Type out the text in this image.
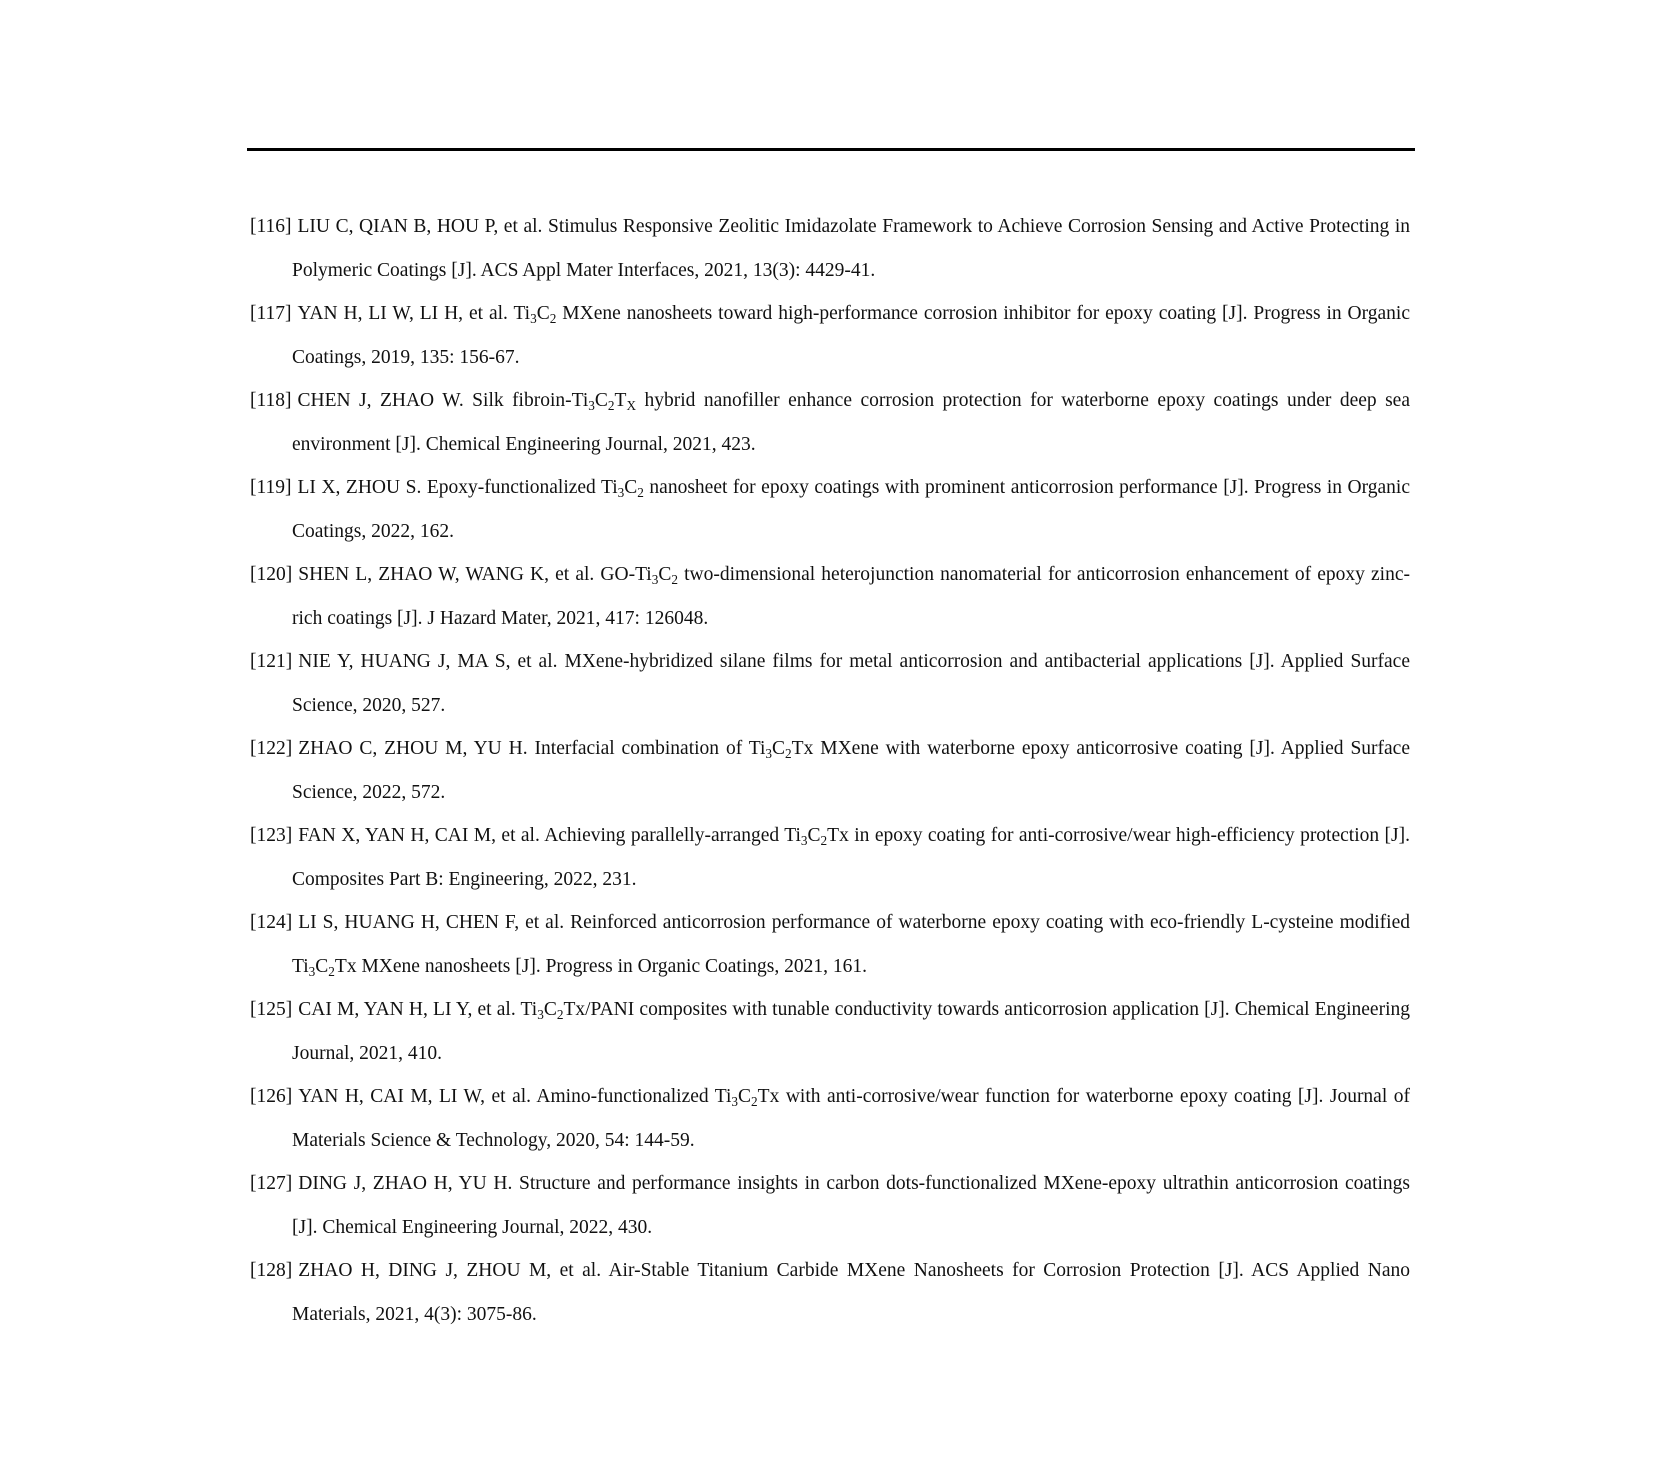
[116] LIU C, QIAN B, HOU P, et al. Stimulus Responsive Zeolitic Imidazolate Framework to Achieve Corrosion Sensing and Active Protecting in Polymeric Coatings [J]. ACS Appl Mater Interfaces, 2021, 13(3): 4429-41.
[117] YAN H, LI W, LI H, et al. $Ti_3C_2$ MXene nanosheets toward high-performance corrosion inhibitor for epoxy coating [J]. Progress in Organic Coatings, 2019, 135: 156-67.
[118] CHEN J, ZHAO W. Silk fibroin-$Ti_3C_2T_X$ hybrid nanofiller enhance corrosion protection for waterborne epoxy coatings under deep sea environment [J]. Chemical Engineering Journal, 2021, 423.
[119] LI X, ZHOU S. Epoxy-functionalized $Ti_3C_2$ nanosheet for epoxy coatings with prominent anticorrosion performance [J]. Progress in Organic Coatings, 2022, 162.
[120] SHEN L, ZHAO W, WANG K, et al. $GO-Ti_3C_2$ two-dimensional heterojunction nanomaterial for anticorrosion enhancement of epoxy zinc-rich coatings [J]. J Hazard Mater, 2021, 417: 126048.
[121] NIE Y, HUANG J, MA S, et al. MXene-hybridized silane films for metal anticorrosion and antibacterial applications [J]. Applied Surface Science, 2020, 527.
[122] ZHAO C, ZHOU M, YU H. Interfacial combination of $Ti_3C_2Tx$ MXene with waterborne epoxy anticorrosive coating [J]. Applied Surface Science, 2022, 572.
[123] FAN X, YAN H, CAI M, et al. Achieving parallelly-arranged $Ti_3C_2Tx$ in epoxy coating for anti-corrosive/wear high-efficiency protection [J]. Composites Part B: Engineering, 2022, 231.
[124] LI S, HUANG H, CHEN F, et al. Reinforced anticorrosion performance of waterborne epoxy coating with eco-friendly L-cysteine modified $Ti_3C_2Tx$ MXene nanosheets [J]. Progress in Organic Coatings, 2021, 161.
[125] CAI M, YAN H, LI Y, et al. $Ti_3C_2Tx$/PANI composites with tunable conductivity towards anticorrosion application [J]. Chemical Engineering Journal, 2021, 410.
[126] YAN H, CAI M, LI W, et al. Amino-functionalized $Ti_3C_2Tx$ with anti-corrosive/wear function for waterborne epoxy coating [J]. Journal of Materials Science & Technology, 2020, 54: 144-59.
[127] DING J, ZHAO H, YU H. Structure and performance insights in carbon dots-functionalized MXene-epoxy ultrathin anticorrosion coatings [J]. Chemical Engineering Journal, 2022, 430.
[128] ZHAO H, DING J, ZHOU M, et al. Air-Stable Titanium Carbide MXene Nanosheets for Corrosion Protection [J]. ACS Applied Nano Materials, 2021, 4(3): 3075-86.
